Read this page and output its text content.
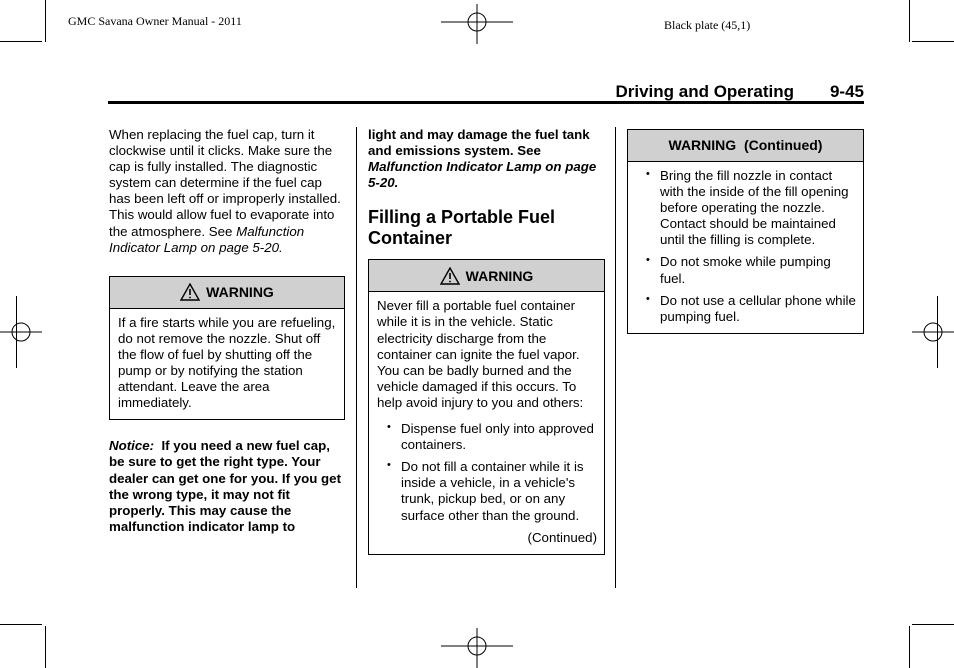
GMC Savana Owner Manual - 2011	Black plate (45,1)
Driving and Operating 9-45

When replacing the fuel cap, turn it clockwise until it clicks. Make sure the cap is fully installed. The diagnostic system can determine if the fuel cap has been left off or improperly installed. This would allow fuel to evaporate into the atmosphere. See Malfunction Indicator Lamp on page 5-20.

WARNING
If a fire starts while you are refueling, do not remove the nozzle. Shut off the flow of fuel by shutting off the pump or by notifying the station attendant. Leave the area immediately.

Notice: If you need a new fuel cap, be sure to get the right type. Your dealer can get one for you. If you get the wrong type, it may not fit properly. This may cause the malfunction indicator lamp to

light and may damage the fuel tank and emissions system. See Malfunction Indicator Lamp on page 5-20.

Filling a Portable Fuel Container
WARNING

Never fill a portable fuel container while it is in the vehicle. Static electricity discharge from the container can ignite the fuel vapor. You can be badly burned and the vehicle damaged if this occurs. To help avoid injury to you and others:

• Dispense fuel only into approved containers.
• Do not fill a container while it is inside a vehicle, in a vehicle's trunk, pickup bed, or on any surface other than the ground.
(Continued)
WARNING  (Continued)
• Bring the fill nozzle in contact with the inside of the fill opening before operating the nozzle. Contact should be maintained until the filling is complete.
• Do not smoke while pumping fuel.
• Do not use a cellular phone while pumping fuel.
